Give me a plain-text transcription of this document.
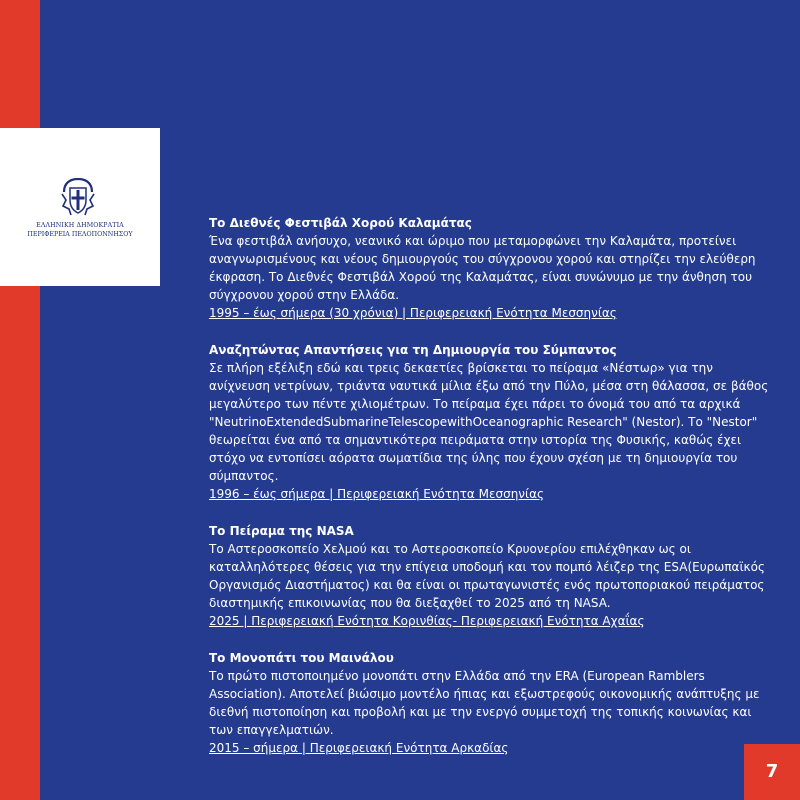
ΕΛΛΗΝΙΚΗ ΔΗΜΟΚΡΑΤΙΑ
ΠΕΡΙΦΕΡΕΙΑ ΠΕΛΟΠΟΝΝΗΣΟΥ
Το Διεθνές Φεστιβάλ Χορού Καλαμάτας

Ένα φεστιβάλ ανήσυχο, νεανικό και ώριμο που μεταμορφώνει την Καλαμάτα, προτείνει αναγνωρισμένους και νέους δημιουργούς του σύγχρονου χορού και στηρίζει την ελεύθερη έκφραση. Το Διεθνές Φεστιβάλ Χορού της Καλαμάτας, είναι συνώνυμο με την άνθηση του σύγχρονου χορού στην Ελλάδα.

1995 – έως σήμερα (30 χρόνια) | Περιφερειακή Ενότητα Μεσσηνίας

Αναζητώντας Απαντήσεις για τη Δημιουργία του Σύμπαντος

Σε πλήρη εξέλιξη εδώ και τρεις δεκαετίες βρίσκεται το πείραμα «Νέστωρ» για την ανίχνευση νετρίνων, τριάντα ναυτικά μίλια έξω από την Πύλο, μέσα στη θάλασσα, σε βάθος μεγαλύτερο των πέντε χιλιομέτρων. Το πείραμα έχει πάρει το όνομά του από τα αρχικά "NeutrinoExtendedSubmarineTelescopewithOceanographic Research" (Nestor). Το "Nestor" θεωρείται ένα από τα σημαντικότερα πειράματα στην ιστορία της Φυσικής, καθώς έχει στόχο να εντοπίσει αόρατα σωματίδια της ύλης που έχουν σχέση με τη δημιουργία του σύμπαντος.

1996 – έως σήμερα | Περιφερειακή Ενότητα Μεσσηνίας

Το Πείραμα της NASA

Το Αστεροσκοπείο Χελμού και το Αστεροσκοπείο Κρυονερίου επιλέχθηκαν ως οι καταλληλότερες θέσεις για την επίγεια υποδομή και τον πομπό λέιζερ της ESA(Ευρωπαϊκός Οργανισμός Διαστήματος) και θα είναι οι πρωταγωνιστές ενός πρωτοποριακού πειράματος διαστημικής επικοινωνίας που θα διεξαχθεί το 2025 από τη NASA.

2025 | Περιφερειακή Ενότητα Κορινθίας- Περιφερειακή Ενότητα Αχαΐας

Το Μονοπάτι του Μαινάλου

Το πρώτο πιστοποιημένο μονοπάτι στην Ελλάδα από την ERA (European Ramblers Association). Αποτελεί βιώσιμο μοντέλο ήπιας και εξωστρεφούς οικονομικής ανάπτυξης με διεθνή πιστοποίηση και προβολή και με την ενεργό συμμετοχή της τοπικής κοινωνίας και των επαγγελματιών.

2015 – σήμερα | Περιφερειακή Ενότητα Αρκαδίας

7
